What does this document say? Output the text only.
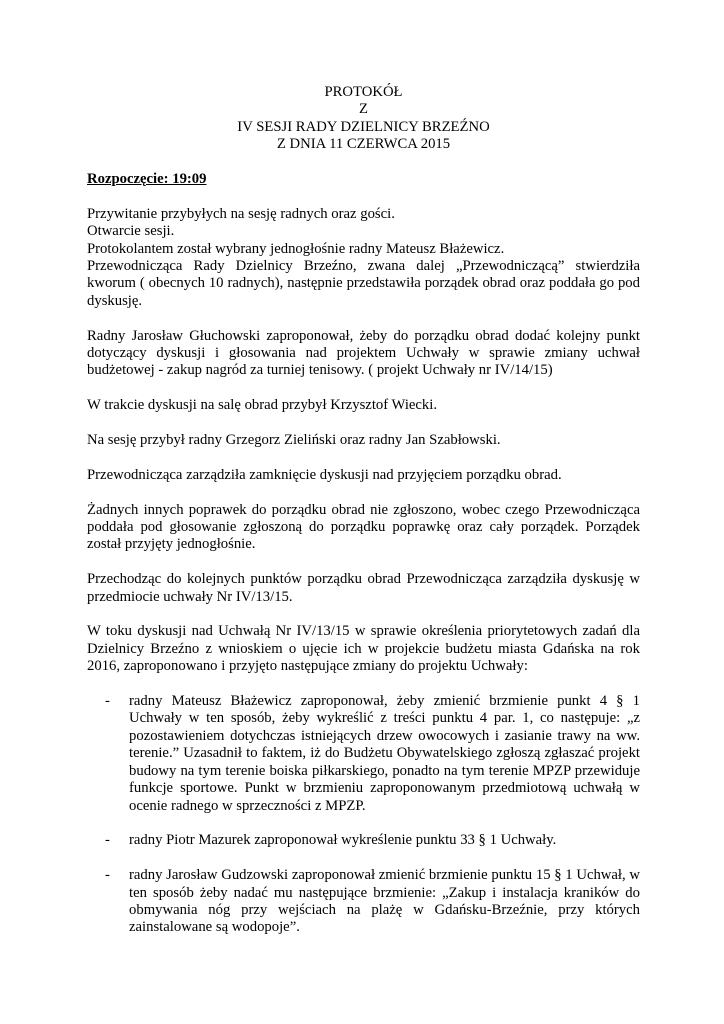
PROTOKÓŁ
Z
IV SESJI RADY DZIELNICY BRZEŹNO
Z DNIA 11 CZERWCA 2015

Rozpoczęcie: 19:09

Przywitanie przybyłych na sesję radnych oraz gości.

Otwarcie sesji.

Protokolantem został wybrany jednogłośnie radny Mateusz Błażewicz.

Przewodnicząca Rady Dzielnicy Brzeźno, zwana dalej „Przewodniczącą” stwierdziła kworum ( obecnych 10 radnych), następnie przedstawiła porządek obrad oraz poddała go pod dyskusję.

Radny Jarosław Głuchowski zaproponował, żeby do porządku obrad dodać kolejny punkt dotyczący dyskusji i głosowania nad projektem Uchwały w sprawie zmiany uchwał budżetowej - zakup nagród za turniej tenisowy. ( projekt Uchwały nr IV/14/15)

W trakcie dyskusji na salę obrad przybył Krzysztof Wiecki.

Na sesję przybył radny Grzegorz Zieliński oraz radny Jan Szabłowski.

Przewodnicząca zarządziła zamknięcie dyskusji nad przyjęciem porządku obrad.

Żadnych innych poprawek do porządku obrad nie zgłoszono, wobec czego Przewodnicząca poddała pod głosowanie zgłoszoną do porządku poprawkę oraz cały porządek. Porządek został przyjęty jednogłośnie.

Przechodząc do kolejnych punktów porządku obrad Przewodnicząca zarządziła dyskusję w przedmiocie uchwały Nr IV/13/15.

W toku dyskusji nad Uchwałą Nr IV/13/15 w sprawie określenia priorytetowych zadań dla Dzielnicy Brzeźno z wnioskiem o ujęcie ich w projekcie budżetu miasta Gdańska na rok 2016, zaproponowano i przyjęto następujące zmiany do projektu Uchwały:

- radny Mateusz Błażewicz zaproponował, żeby zmienić brzmienie punkt 4 § 1 Uchwały w ten sposób, żeby wykreślić z treści punktu 4 par. 1, co następuje: „z pozostawieniem dotychczas istniejących drzew owocowych i zasianie trawy na ww. terenie.” Uzasadnił to faktem, iż do Budżetu Obywatelskiego zgłoszą zgłaszać projekt budowy na tym terenie boiska piłkarskiego, ponadto na tym terenie MPZP przewiduje funkcje sportowe. Punkt w brzmieniu zaproponowanym przedmiotową uchwałą w ocenie radnego w sprzeczności z MPZP.
- radny Piotr Mazurek zaproponował wykreślenie punktu 33 § 1 Uchwały.
- radny Jarosław Gudzowski zaproponował zmienić brzmienie punktu 15 § 1 Uchwał, w ten sposób żeby nadać mu następujące brzmienie: „Zakup i instalacja kraników do obmywania nóg przy wejściach na plażę w Gdańsku-Brzeźnie, przy których zainstalowane są wodopoje”.
